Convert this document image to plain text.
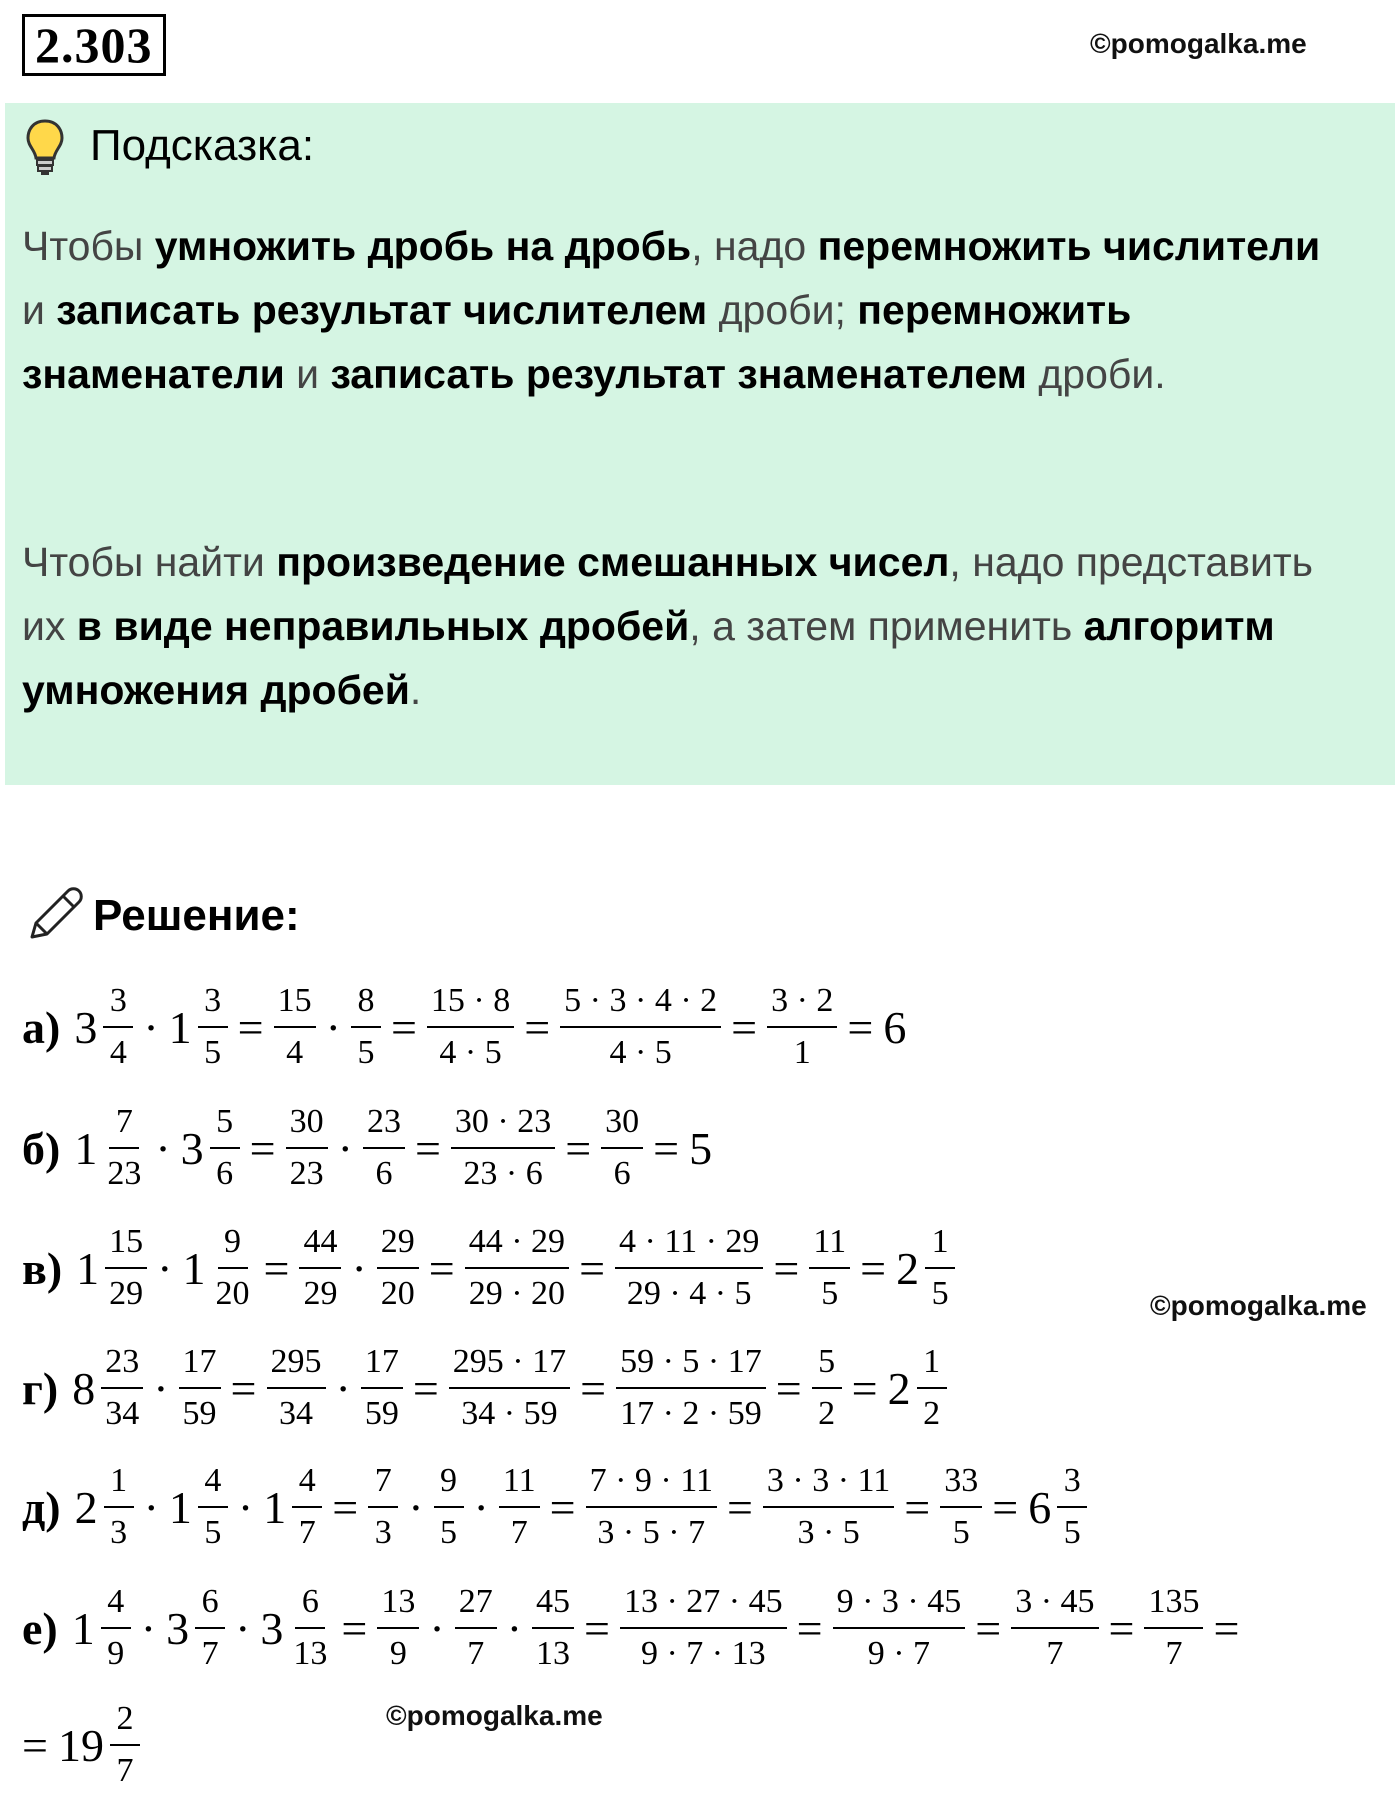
2.303	©pomogalka.me
Подсказка:
Чтобы умножить дробь на дробь, надо перемножить числители и записать результат числителем дроби; перемножить знаменатели и записать результат знаменателем дроби.
Чтобы найти произведение смешанных чисел, надо представить их в виде неправильных дробей, а затем применить алгоритм умножения дробей.
Решение:
а) $3 \frac{3}{4} \cdot 1 \frac{3}{5} = \frac{15}{4} \cdot \frac{8}{5} = \frac{15 \cdot 8}{4 \cdot 5} = \frac{5 \cdot 3 \cdot 4 \cdot 2}{4 \cdot 5} = \frac{3 \cdot 2}{1} = 6$
б) $1 \frac{7}{23} \cdot 3 \frac{5}{6} = \frac{30}{23} \cdot \frac{23}{6} = \frac{30 \cdot 23}{23 \cdot 6} = \frac{30}{6} = 5$
в) $1 \frac{15}{29} \cdot 1 \frac{9}{20} = \frac{44}{29} \cdot \frac{29}{20} = \frac{44 \cdot 29}{29 \cdot 20} = \frac{4 \cdot 11 \cdot 29}{29 \cdot 4 \cdot 5} = \frac{11}{5} = 2 \frac{1}{5}$
г) $8 \frac{23}{34} \cdot \frac{17}{59} = \frac{295}{34} \cdot \frac{17}{59} = \frac{295 \cdot 17}{34 \cdot 59} = \frac{59 \cdot 5 \cdot 17}{17 \cdot 2 \cdot 59} = \frac{5}{2} = 2 \frac{1}{2}$
д) $2 \frac{1}{3} \cdot 1 \frac{4}{5} \cdot 1 \frac{4}{7} = \frac{7}{3} \cdot \frac{9}{5} \cdot \frac{11}{7} = \frac{7 \cdot 9 \cdot 11}{3 \cdot 5 \cdot 7} = \frac{3 \cdot 3 \cdot 11}{3 \cdot 5} = \frac{33}{5} = 6 \frac{3}{5}$
е) $1 \frac{4}{9} \cdot 3 \frac{6}{7} \cdot 3 \frac{6}{13} = \frac{13}{9} \cdot \frac{27}{7} \cdot \frac{45}{13} = \frac{13 \cdot 27 \cdot 45}{9 \cdot 7 \cdot 13} = \frac{9 \cdot 3 \cdot 45}{9 \cdot 7} = \frac{3 \cdot 45}{7} = \frac{135}{7}$ =
= $19 \frac{2}{7}$
©pomogalka.me
©pomogalka.me
